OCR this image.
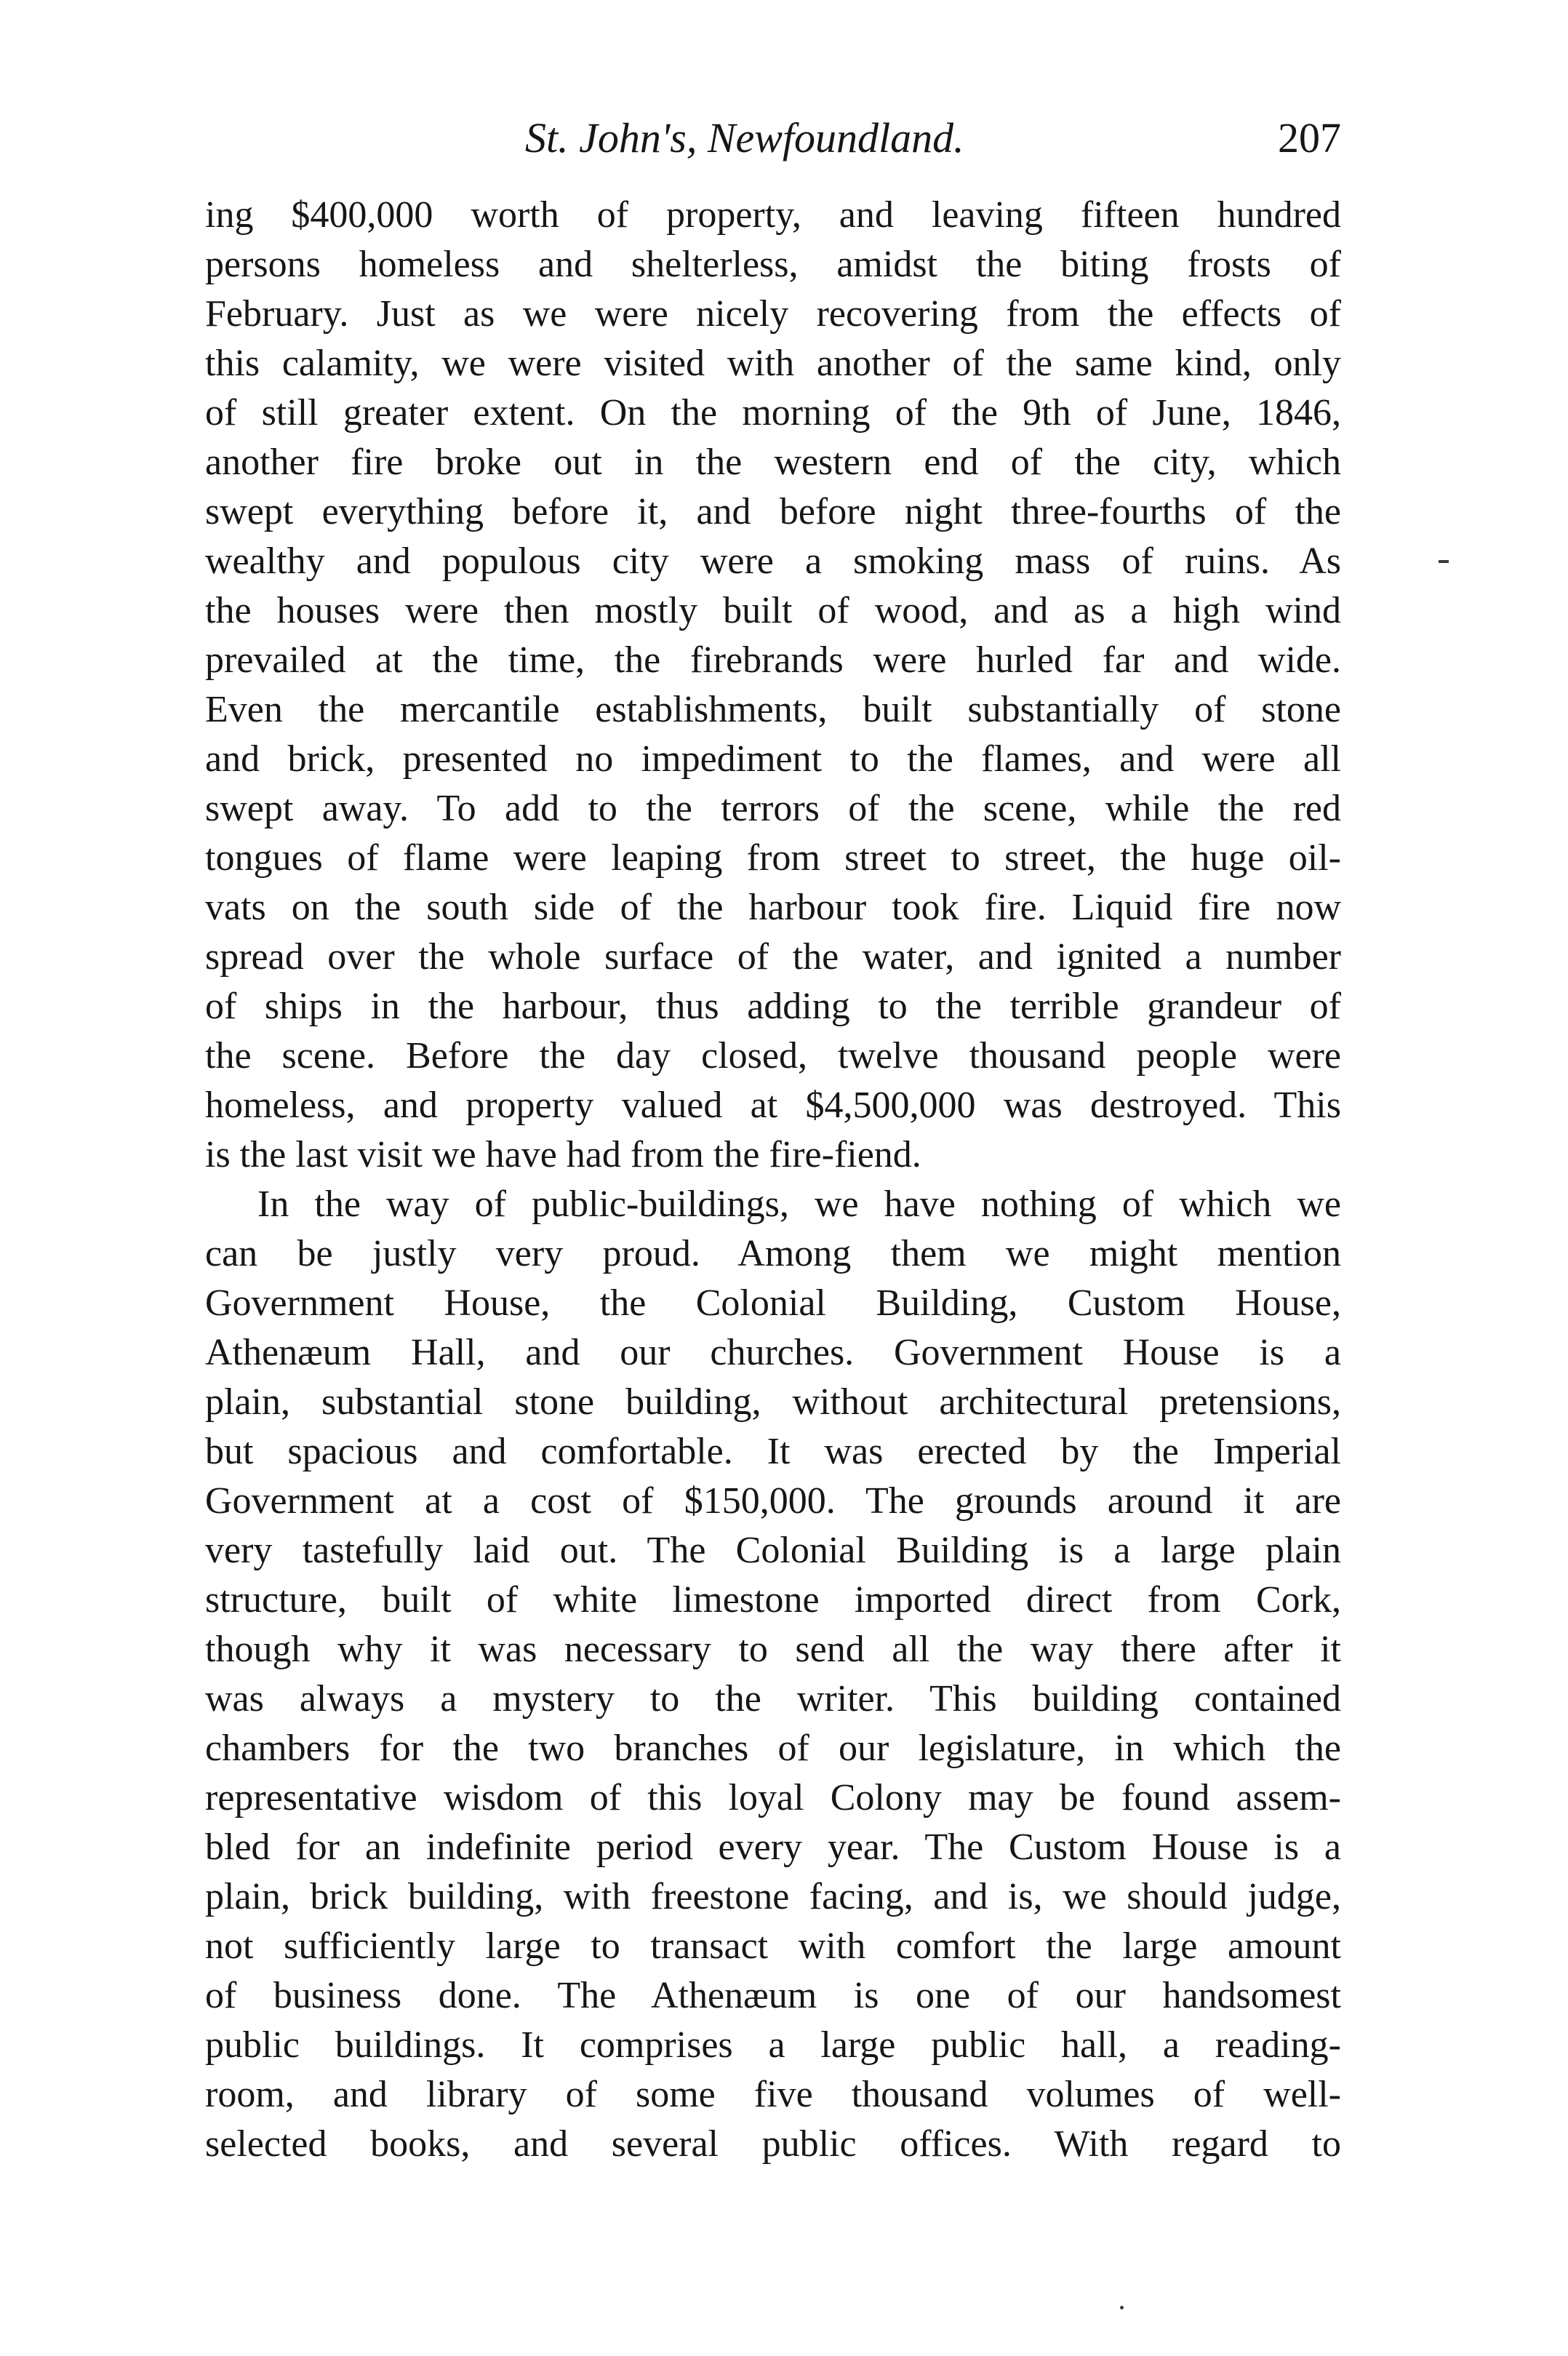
St. John's, Newfoundland.	207
ing $400,000 worth of property, and leaving fifteen hundred
persons homeless and shelterless, amidst the biting frosts of
February. Just as we were nicely recovering from the effects of
this calamity, we were visited with another of the same kind, only
of still greater extent. On the morning of the 9th of June, 1846,
another fire broke out in the western end of the city, which
swept everything before it, and before night three-fourths of the
wealthy and populous city were a smoking mass of ruins. As
the houses were then mostly built of wood, and as a high wind
prevailed at the time, the firebrands were hurled far and wide.
Even the mercantile establishments, built substantially of stone
and brick, presented no impediment to the flames, and were all
swept away. To add to the terrors of the scene, while the red
tongues of flame were leaping from street to street, the huge oil-
vats on the south side of the harbour took fire. Liquid fire now
spread over the whole surface of the water, and ignited a number
of ships in the harbour, thus adding to the terrible grandeur of
the scene. Before the day closed, twelve thousand people were
homeless, and property valued at $4,500,000 was destroyed. This
is the last visit we have had from the fire-fiend.
In the way of public-buildings, we have nothing of which we
can be justly very proud. Among them we might mention
Government House, the Colonial Building, Custom House,
Athenæum Hall, and our churches. Government House is a
plain, substantial stone building, without architectural pretensions,
but spacious and comfortable. It was erected by the Imperial
Government at a cost of $150,000. The grounds around it are
very tastefully laid out. The Colonial Building is a large plain
structure, built of white limestone imported direct from Cork,
though why it was necessary to send all the way there after it
was always a mystery to the writer. This building contained
chambers for the two branches of our legislature, in which the
representative wisdom of this loyal Colony may be found assem-
bled for an indefinite period every year. The Custom House is a
plain, brick building, with freestone facing, and is, we should judge,
not sufficiently large to transact with comfort the large amount
of business done. The Athenæum is one of our handsomest
public buildings. It comprises a large public hall, a reading-
room, and library of some five thousand volumes of well-
selected books, and several public offices. With regard to
